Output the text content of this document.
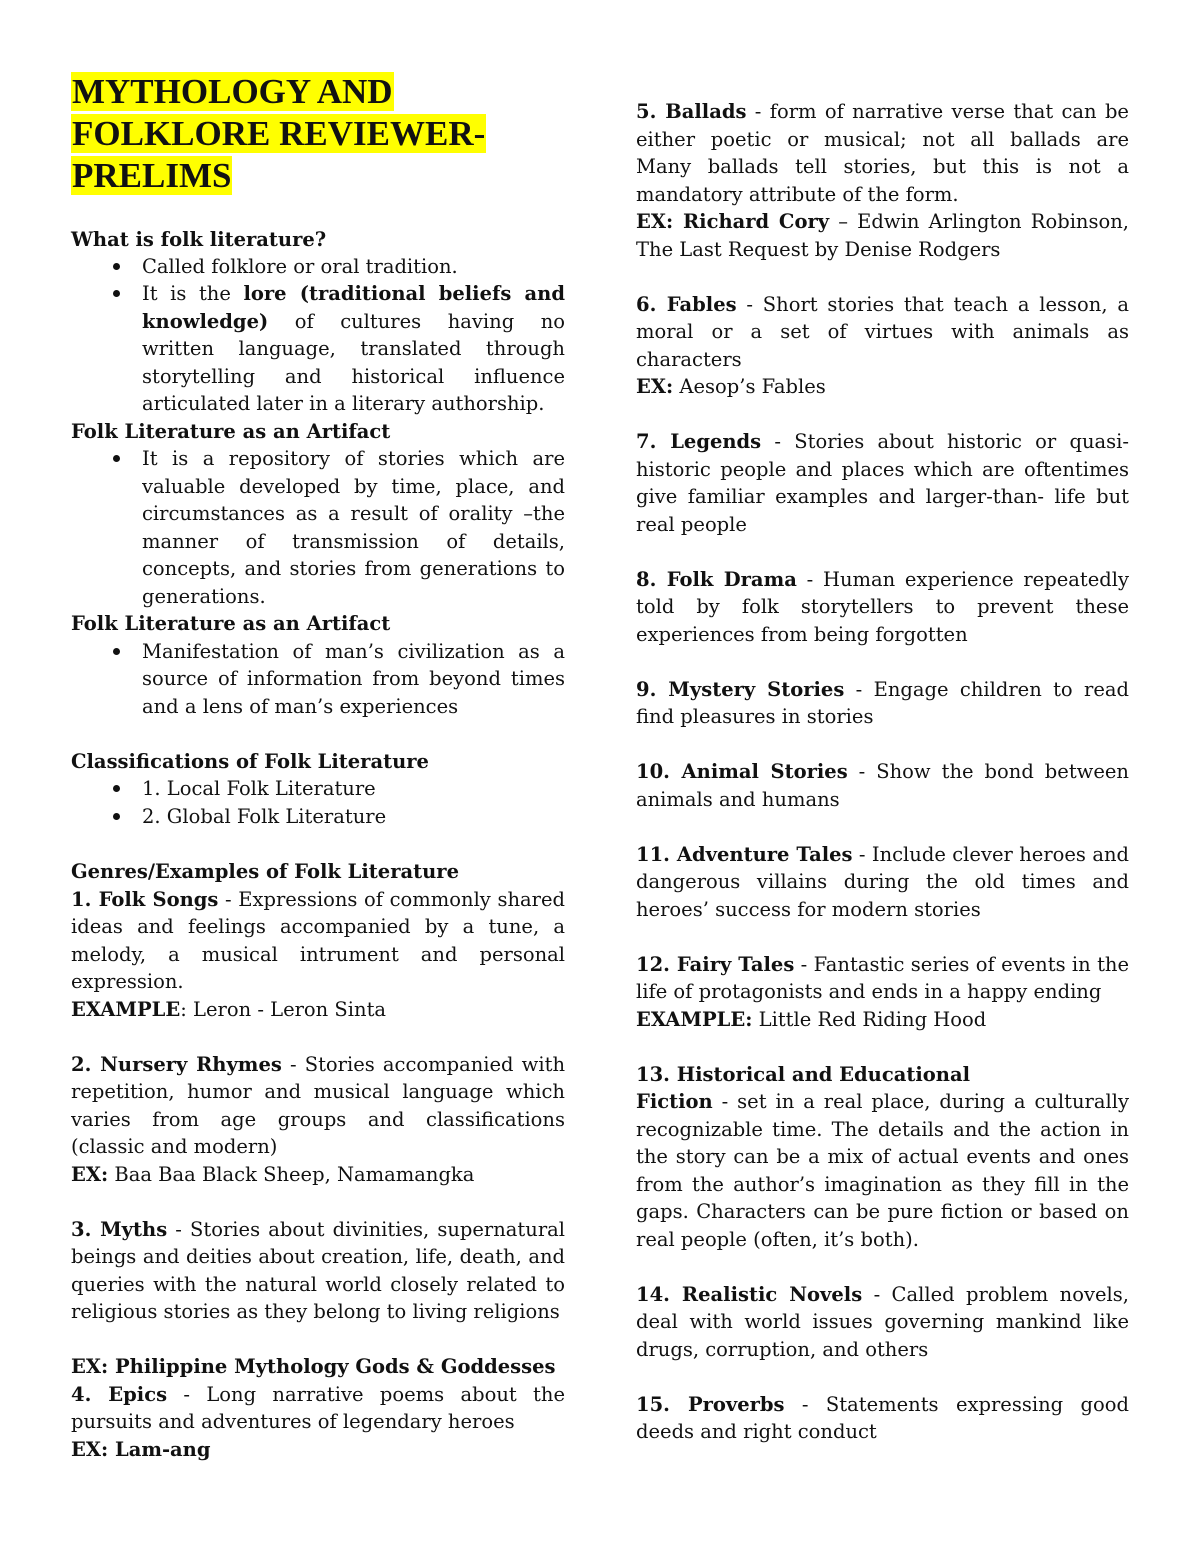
MYTHOLOGY AND
FOLKLORE REVIEWER-
PRELIMS
What is folk literature?
Called folklore or oral tradition.
It is the lore (traditional beliefs and
knowledge) of cultures having no
written language, translated through
storytelling and historical influence
articulated later in a literary authorship.
Folk Literature as an Artifact
It is a repository of stories which are
valuable developed by time, place, and
circumstances as a result of orality –the
manner of transmission of details,
concepts, and stories from generations to
generations.
Folk Literature as an Artifact
Manifestation of man’s civilization as a
source of information from beyond times
and a lens of man’s experiences
Classifications of Folk Literature
1. Local Folk Literature
2. Global Folk Literature
Genres/Examples of Folk Literature
1. Folk Songs - Expressions of commonly shared
ideas and feelings accompanied by a tune, a
melody, a musical intrument and personal
expression.
EXAMPLE: Leron - Leron Sinta
2. Nursery Rhymes - Stories accompanied with
repetition, humor and musical language which
varies from age groups and classifications
(classic and modern)
EX: Baa Baa Black Sheep, Namamangka
3. Myths - Stories about divinities, supernatural
beings and deities about creation, life, death, and
queries with the natural world closely related to
religious stories as they belong to living religions
EX: Philippine Mythology Gods & Goddesses
4. Epics - Long narrative poems about the
pursuits and adventures of legendary heroes
EX: Lam-ang
5. Ballads - form of narrative verse that can be
either poetic or musical; not all ballads are
Many ballads tell stories, but this is not a
mandatory attribute of the form.
EX: Richard Cory – Edwin Arlington Robinson,
The Last Request by Denise Rodgers
6. Fables - Short stories that teach a lesson, a
moral or a set of virtues with animals as
characters
EX: Aesop’s Fables
7. Legends - Stories about historic or quasi-
historic people and places which are oftentimes
give familiar examples and larger-than- life but
real people
8. Folk Drama - Human experience repeatedly
told by folk storytellers to prevent these
experiences from being forgotten
9. Mystery Stories - Engage children to read
find pleasures in stories
10. Animal Stories - Show the bond between
animals and humans
11. Adventure Tales - Include clever heroes and
dangerous villains during the old times and
heroes’ success for modern stories
12. Fairy Tales - Fantastic series of events in the
life of protagonists and ends in a happy ending
EXAMPLE: Little Red Riding Hood
13. Historical and Educational
Fiction - set in a real place, during a culturally
recognizable time. The details and the action in
the story can be a mix of actual events and ones
from the author’s imagination as they fill in the
gaps. Characters can be pure fiction or based on
real people (often, it’s both).
14. Realistic Novels - Called problem novels,
deal with world issues governing mankind like
drugs, corruption, and others
15. Proverbs - Statements expressing good
deeds and right conduct
